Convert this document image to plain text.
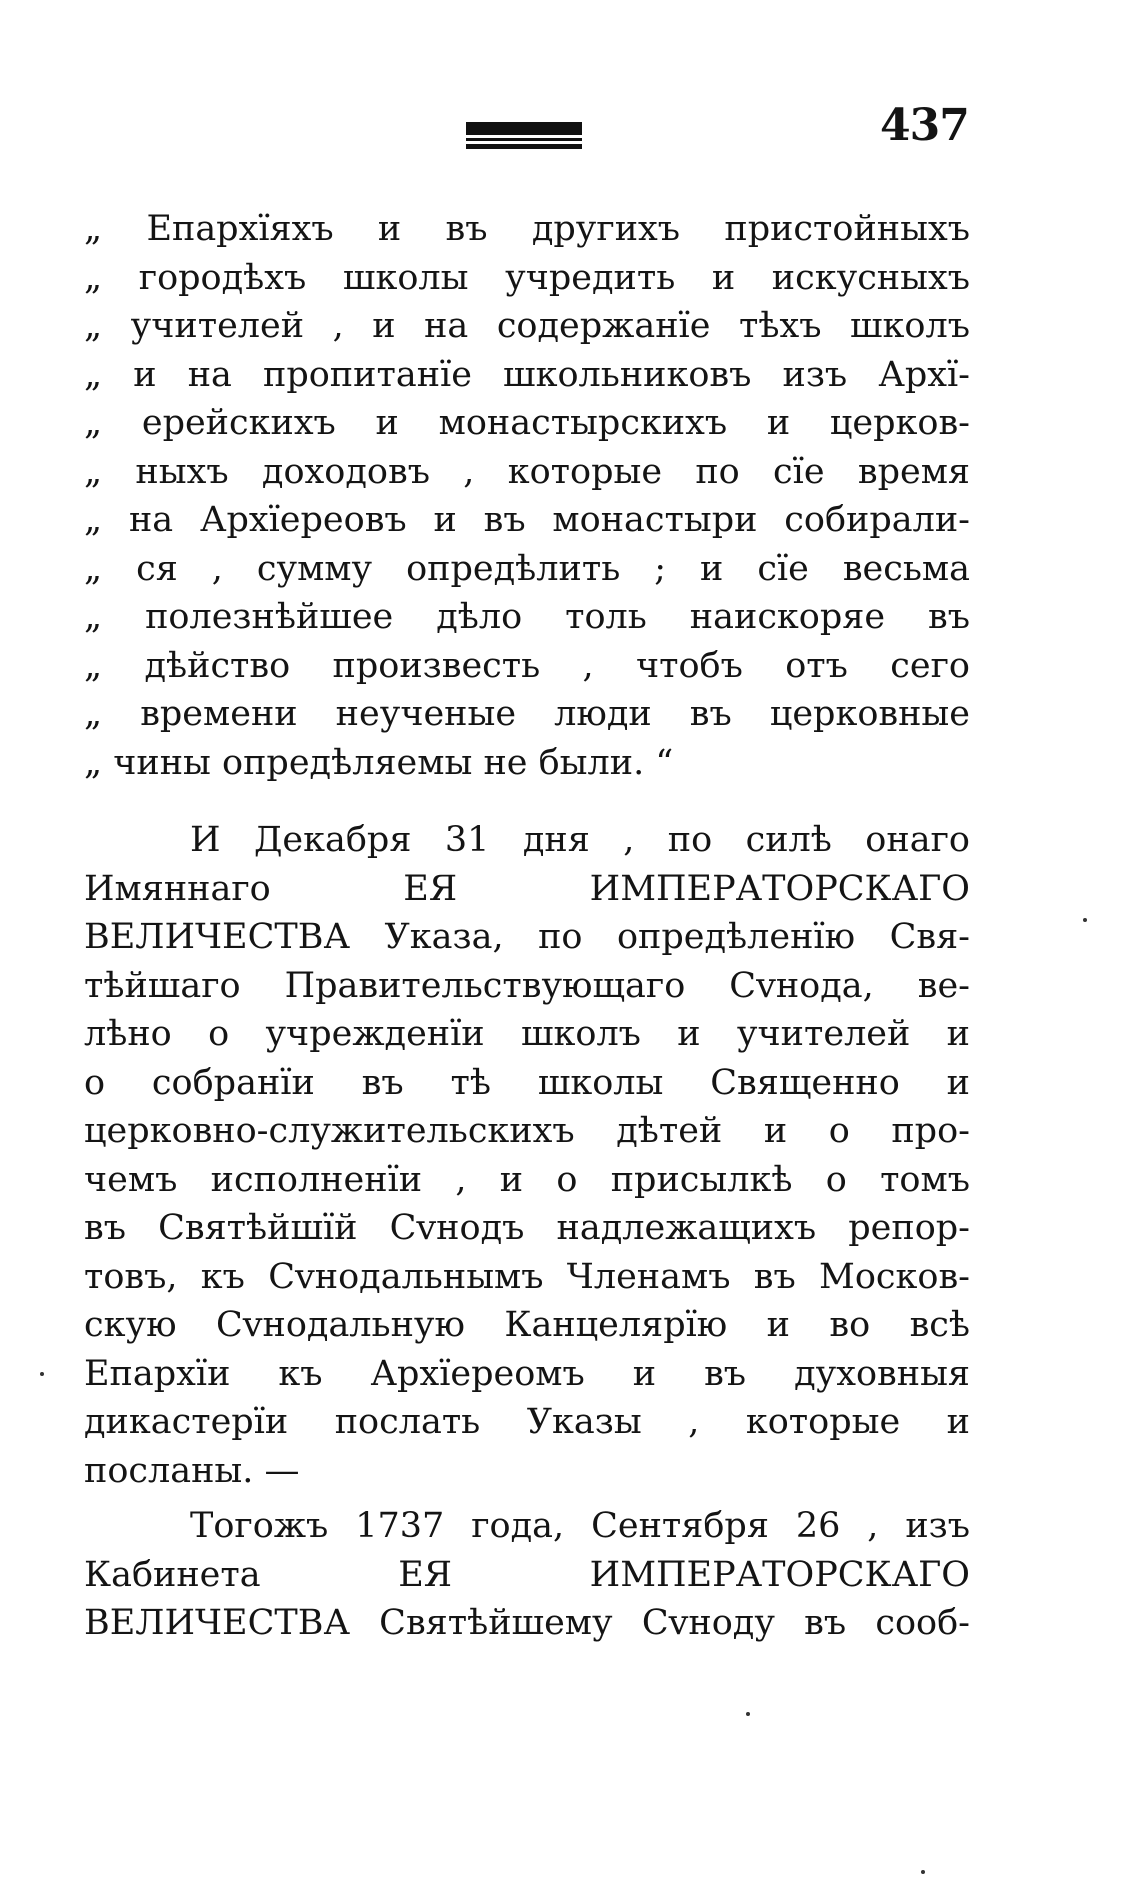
437
„ Епархïяхъ и въ другихъ пристойныхъ
„ городѣхъ школы учредить и искусныхъ
„ учителей , и на содержанïе тѣхъ школъ
„ и на пропитанïе школьниковъ изъ Архï-
„ ерейскихъ и монастырскихъ и церков-
„ ныхъ доходовъ , которые по сïе время
„ на Архïереовъ и въ монастыри собирали-
„ ся , сумму опредѣлить ; и сïе весьма
„ полезнѣйшее дѣло толь наискоряе въ
„ дѣйство произвесть , чтобъ отъ сего
„ времени неученые люди въ церковные
„ чины опредѣляемы не были. “
И Декабря 31 дня , по силѣ онаго
Имяннаго ЕЯ ИМПЕРАТОРСКАГО
ВЕЛИЧЕСТВА Указа, по опредѣленïю Свя-
тѣйшаго Правительствующаго Сvнода, ве-
лѣно о учрежденïи школъ и учителей и
о собранïи въ тѣ школы Священно и
церковно-служительскихъ дѣтей и о про-
чемъ исполненïи , и о присылкѣ о томъ
въ Святѣйшïй Сvнодъ надлежащихъ репор-
товъ, къ Сvнодальнымъ Членамъ въ Москов-
скую Сvнодальную Канцелярïю и во всѣ
Епархïи къ Архïереомъ и въ духовныя
дикастерïи послать Указы , которые и
посланы. —
Тогожъ 1737 года, Сентября 26 , изъ
Кабинета ЕЯ ИМПЕРАТОРСКАГО
ВЕЛИЧЕСТВА Святѣйшему Сvноду въ сооб-
